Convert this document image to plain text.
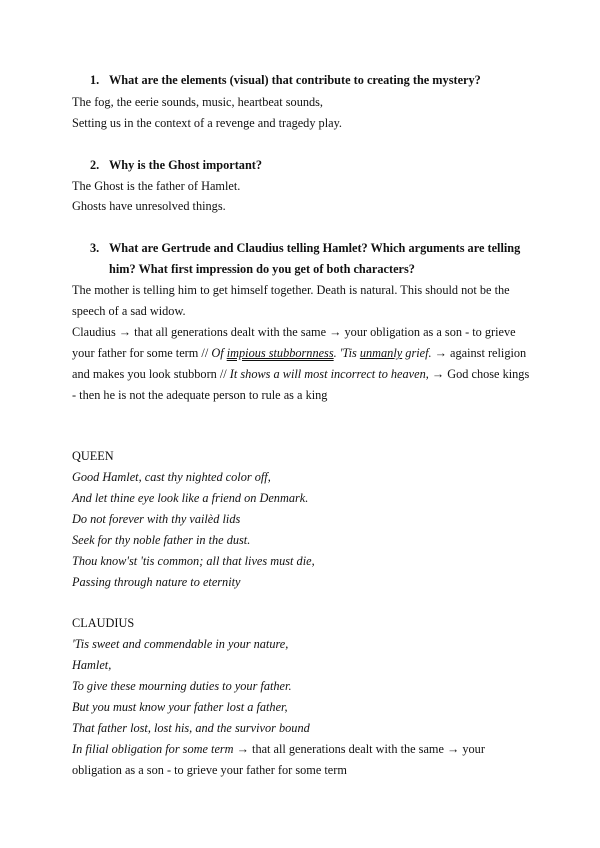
1. What are the elements (visual) that contribute to creating the mystery?
The fog, the eerie sounds, music, heartbeat sounds,
Setting us in the context of a revenge and tragedy play.
2. Why is the Ghost important?
The Ghost is the father of Hamlet.
Ghosts have unresolved things.
3. What are Gertrude and Claudius telling Hamlet? Which arguments are telling
him? What first impression do you get of both characters?
The mother is telling him to get himself together. Death is natural. This should not be the
speech of a sad widow.
Claudius → that all generations dealt with the same → your obligation as a son - to grieve
your father for some term // Of impious stubbornness. 'Tis unmanly grief. → against religion
and makes you look stubborn // It shows a will most incorrect to heaven, → God chose kings
- then he is not the adequate person to rule as a king
QUEEN
Good Hamlet, cast thy nighted color off,
And let thine eye look like a friend on Denmark.
Do not forever with thy vailèd lids
Seek for thy noble father in the dust.
Thou know'st 'tis common; all that lives must die,
Passing through nature to eternity
CLAUDIUS
'Tis sweet and commendable in your nature,
Hamlet,
To give these mourning duties to your father.
But you must know your father lost a father,
That father lost, lost his, and the survivor bound
In filial obligation for some term → that all generations dealt with the same → your
obligation as a son - to grieve your father for some term
